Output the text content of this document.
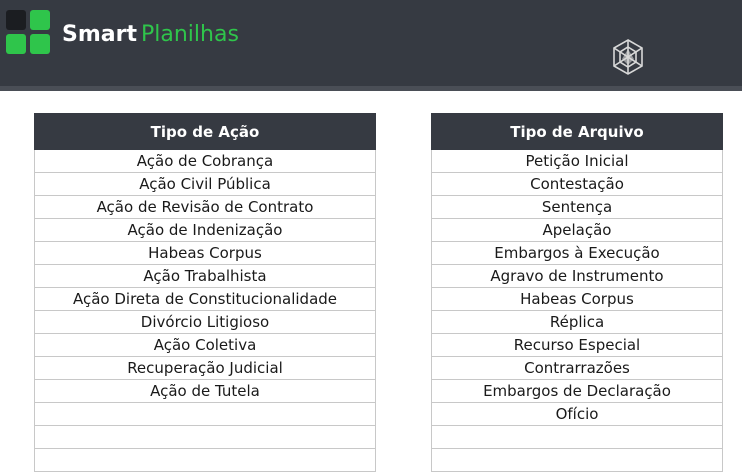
Smart Planilhas
Tipo de Ação
Ação de Cobrança
Ação Civil Pública
Ação de Revisão de Contrato
Ação de Indenização
Habeas Corpus
Ação Trabalhista
Ação Direta de Constitucionalidade
Divórcio Litigioso
Ação Coletiva
Recuperação Judicial
Ação de Tutela
Tipo de Arquivo
Petição Inicial
Contestação
Sentença
Apelação
Embargos à Execução
Agravo de Instrumento
Habeas Corpus
Réplica
Recurso Especial
Contrarrazões
Embargos de Declaração
Ofício
